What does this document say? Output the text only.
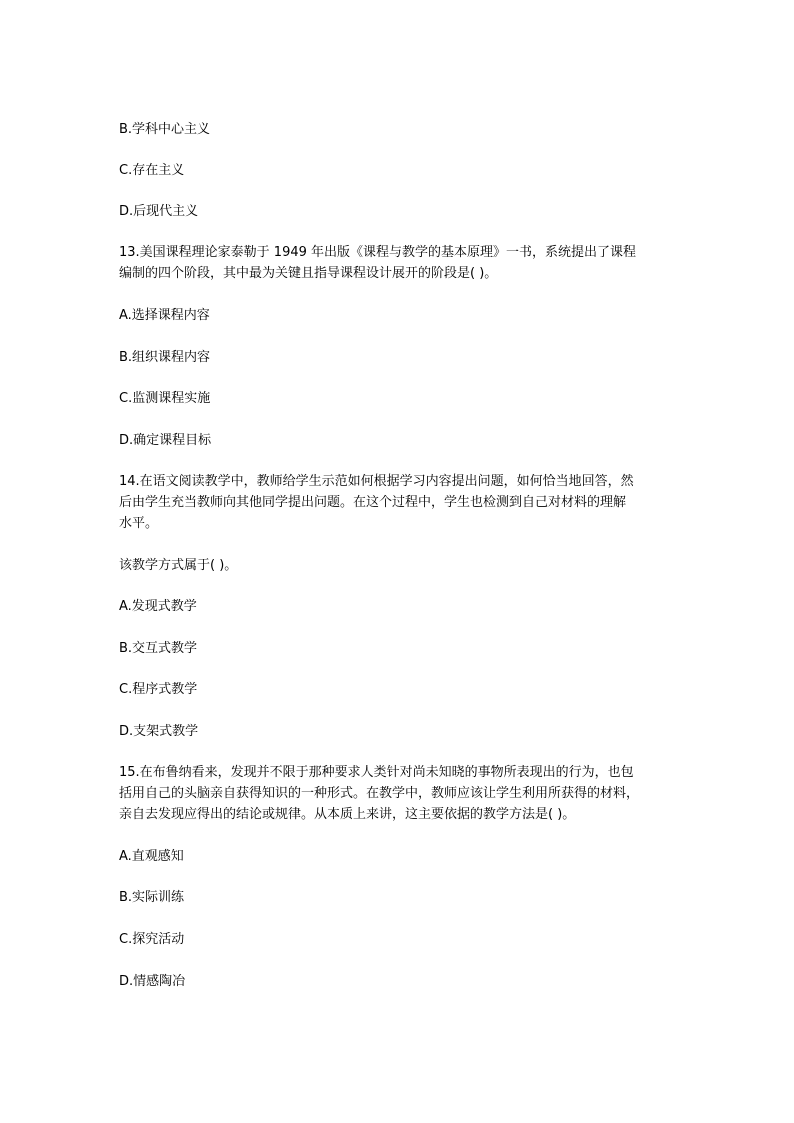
B.学科中心主义
C.存在主义
D.后现代主义
13.美国课程理论家泰勒于 1949 年出版《课程与教学的基本原理》一书，系统提出了课程
编制的四个阶段，其中最为关键且指导课程设计展开的阶段是( )。
A.选择课程内容
B.组织课程内容
C.监测课程实施
D.确定课程目标
14.在语文阅读教学中，教师给学生示范如何根据学习内容提出问题，如何恰当地回答，然
后由学生充当教师向其他同学提出问题。在这个过程中，学生也检测到自己对材料的理解
水平。
该教学方式属于( )。
A.发现式教学
B.交互式教学
C.程序式教学
D.支架式教学
15.在布鲁纳看来，发现并不限于那种要求人类针对尚未知晓的事物所表现出的行为，也包
括用自己的头脑亲自获得知识的一种形式。在教学中，教师应该让学生利用所获得的材料，
亲自去发现应得出的结论或规律。从本质上来讲，这主要依据的教学方法是( )。
A.直观感知
B.实际训练
C.探究活动
D.情感陶冶
